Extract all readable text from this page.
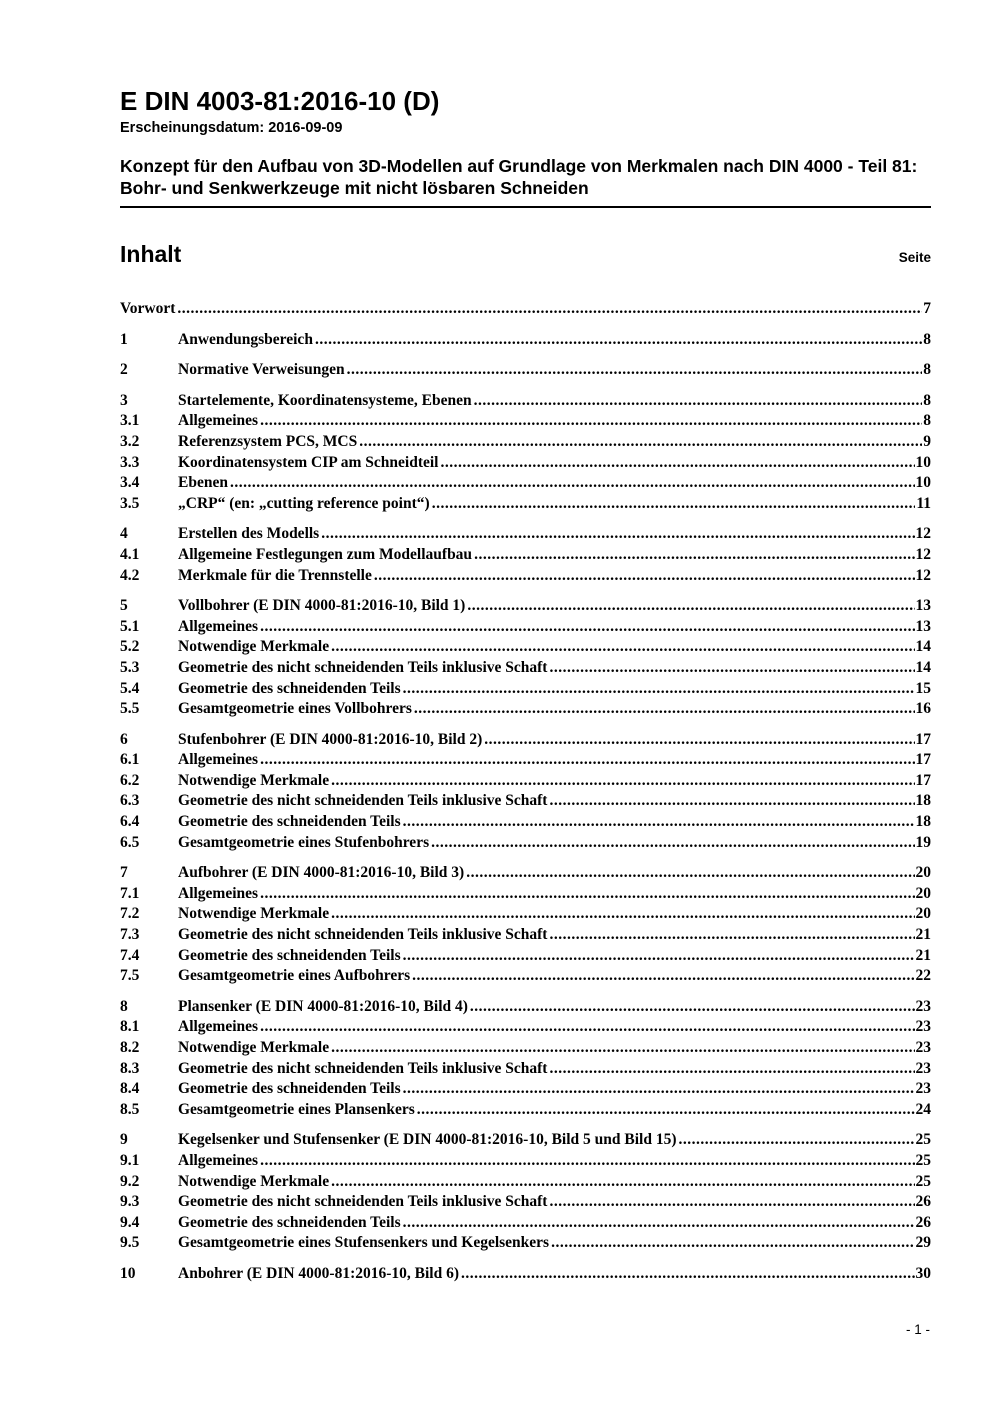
E DIN 4003-81:2016-10 (D)
Erscheinungsdatum: 2016-09-09
Konzept für den Aufbau von 3D-Modellen auf Grundlage von Merkmalen nach DIN 4000 - Teil 81: Bohr- und Senkwerkzeuge mit nicht lösbaren Schneiden
Inhalt	Seite
Vorwort .....	7
1	Anwendungsbereich .....	8
2	Normative Verweisungen .....	8
3	Startelemente, Koordinatensysteme, Ebenen .....	8
3.1	Allgemeines .....	8
3.2	Referenzsystem PCS, MCS .....	9
3.3	Koordinatensystem CIP am Schneidteil .....	10
3.4	Ebenen .....	10
3.5	„CRP“ (en: „cutting reference point“) .....	11
4	Erstellen des Modells .....	12
4.1	Allgemeine Festlegungen zum Modellaufbau .....	12
4.2	Merkmale für die Trennstelle .....	12
5	Vollbohrer (E DIN 4000-81:2016-10, Bild 1) .....	13
5.1	Allgemeines .....	13
5.2	Notwendige Merkmale .....	14
5.3	Geometrie des nicht schneidenden Teils inklusive Schaft .....	14
5.4	Geometrie des schneidenden Teils .....	15
5.5	Gesamtgeometrie eines Vollbohrers .....	16
6	Stufenbohrer (E DIN 4000-81:2016-10, Bild 2) .....	17
6.1	Allgemeines .....	17
6.2	Notwendige Merkmale .....	17
6.3	Geometrie des nicht schneidenden Teils inklusive Schaft .....	18
6.4	Geometrie des schneidenden Teils .....	18
6.5	Gesamtgeometrie eines Stufenbohrers .....	19
7	Aufbohrer (E DIN 4000-81:2016-10, Bild 3) .....	20
7.1	Allgemeines .....	20
7.2	Notwendige Merkmale .....	20
7.3	Geometrie des nicht schneidenden Teils inklusive Schaft .....	21
7.4	Geometrie des schneidenden Teils .....	21
7.5	Gesamtgeometrie eines Aufbohrers .....	22
8	Plansenker (E DIN 4000-81:2016-10, Bild 4) .....	23
8.1	Allgemeines .....	23
8.2	Notwendige Merkmale .....	23
8.3	Geometrie des nicht schneidenden Teils inklusive Schaft .....	23
8.4	Geometrie des schneidenden Teils .....	23
8.5	Gesamtgeometrie eines Plansenkers .....	24
9	Kegelsenker und Stufensenker (E DIN 4000-81:2016-10, Bild 5 und Bild 15) .....	25
9.1	Allgemeines .....	25
9.2	Notwendige Merkmale .....	25
9.3	Geometrie des nicht schneidenden Teils inklusive Schaft .....	26
9.4	Geometrie des schneidenden Teils .....	26
9.5	Gesamtgeometrie eines Stufensenkers und Kegelsenkers .....	29
10	Anbohrer (E DIN 4000-81:2016-10, Bild 6) .....	30
- 1 -
